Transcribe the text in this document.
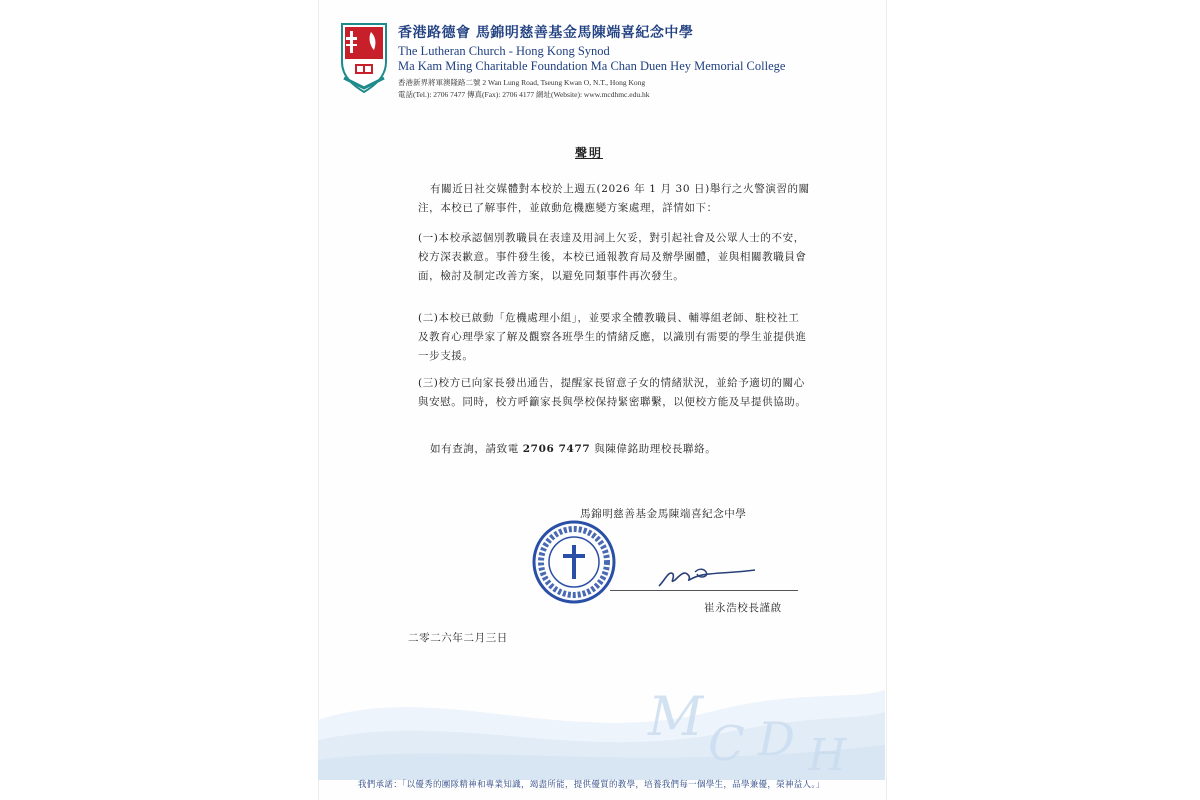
M C D H
香港路德會 馬錦明慈善基金馬陳端喜紀念中學
The Lutheran Church - Hong Kong Synod
Ma Kam Ming Charitable Foundation Ma Chan Duen Hey Memorial College
香港新界將軍澳隆路二號 2 Wan Lung Road, Tseung Kwan O, N.T., Hong Kong
電話(Tel.): 2706 7477 傳真(Fax): 2706 4177 網址(Website): www.mcdhmc.edu.hk
聲明
有關近日社交媒體對本校於上週五(2026 年 1 月 30 日)舉行之火警演習的關注，本校已了解事件，並啟動危機應變方案處理，詳情如下：
(一)本校承認個別教職員在表達及用詞上欠妥，對引起社會及公眾人士的不安，校方深表歉意。事件發生後，本校已通報教育局及辦學團體，並與相關教職員會面，檢討及制定改善方案，以避免同類事件再次發生。
(二)本校已啟動「危機處理小組」，並要求全體教職員、輔導組老師、駐校社工及教育心理學家了解及觀察各班學生的情緒反應，以識別有需要的學生並提供進一步支援。
(三)校方已向家長發出通告，提醒家長留意子女的情緒狀況，並給予適切的關心與安慰。同時，校方呼籲家長與學校保持緊密聯繫，以便校方能及早提供協助。
如有查詢，請致電 2706 7477 與陳偉銘助理校長聯絡。
馬錦明慈善基金馬陳端喜紀念中學
崔永浩校長謹啟
二零二六年二月三日
我們承諾：「以優秀的團隊精神和專業知識，竭盡所能，提供優質的教學，培養我們每一個學生，品學兼優，榮神益人。」
